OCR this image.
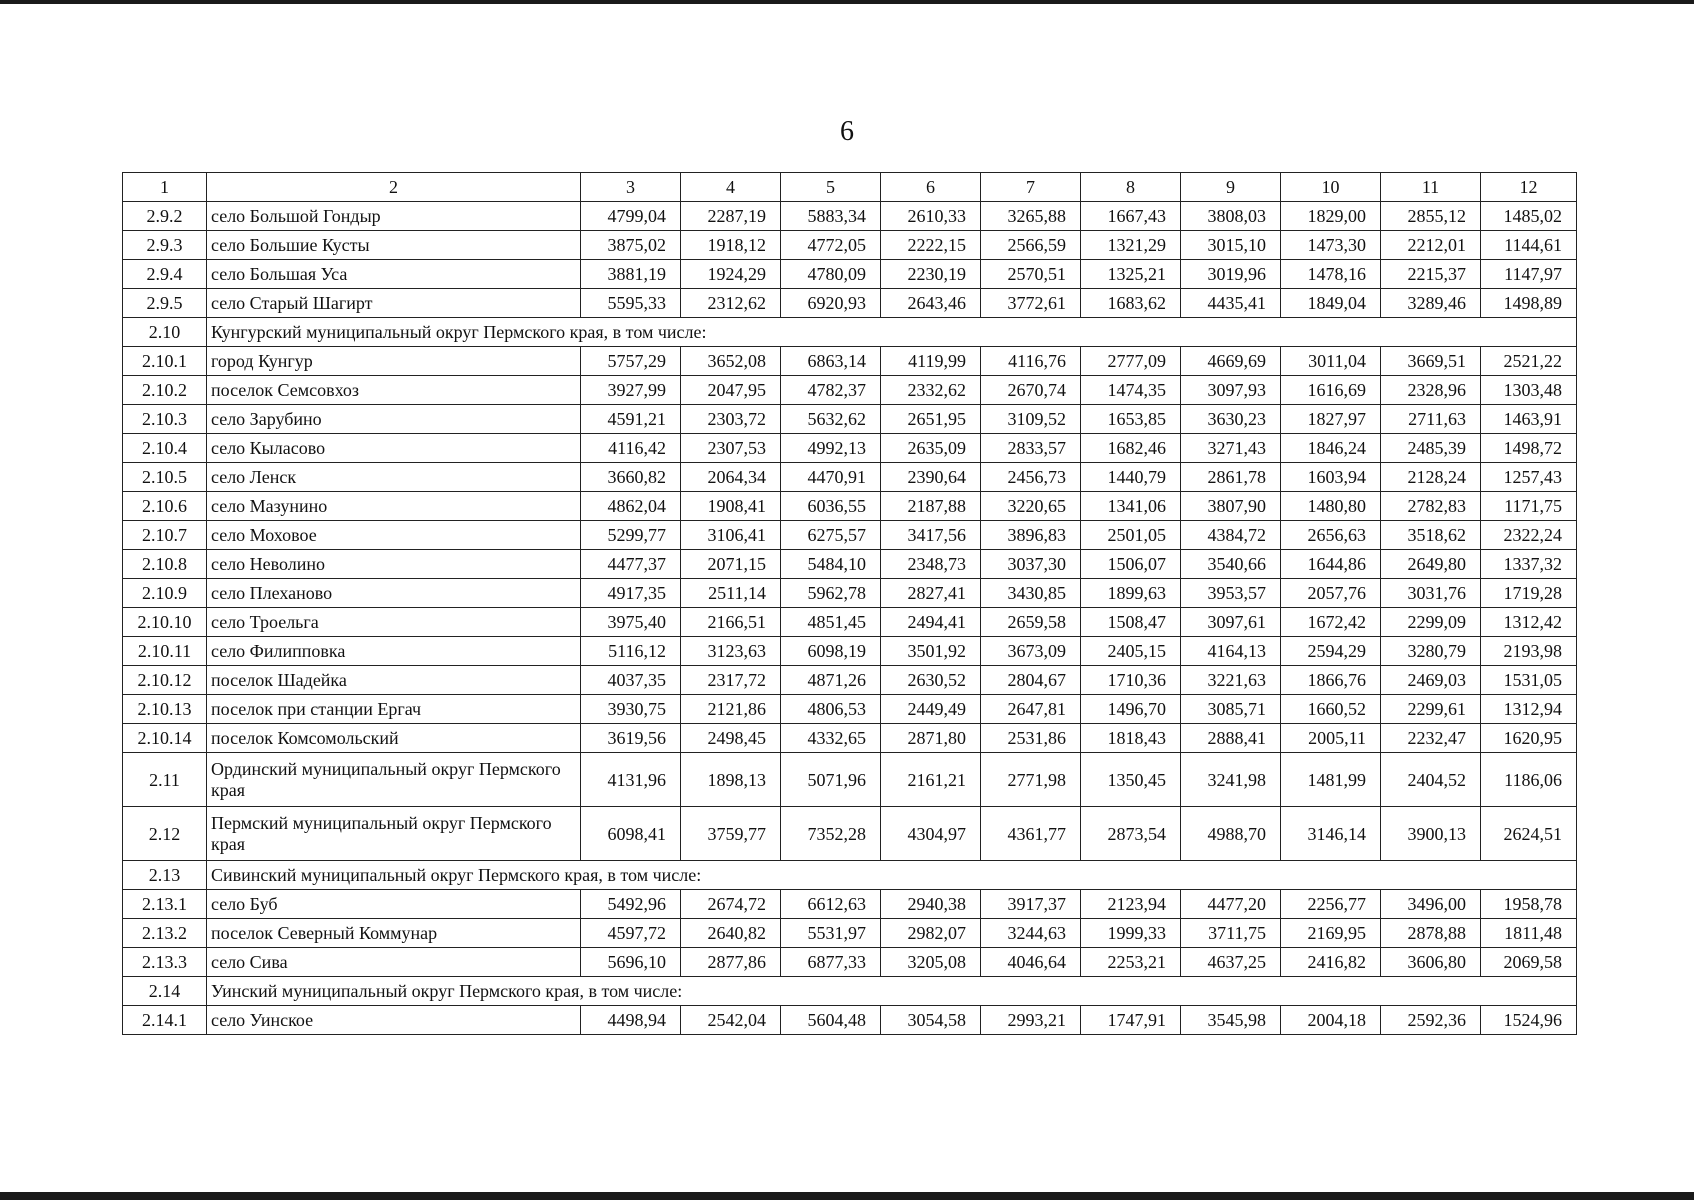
6
1	2	3	4	5	6	7	8	9	10	11	12
2.9.2	село Большой Гондыр	4799,04	2287,19	5883,34	2610,33	3265,88	1667,43	3808,03	1829,00	2855,12	1485,02
2.9.3	село Большие Кусты	3875,02	1918,12	4772,05	2222,15	2566,59	1321,29	3015,10	1473,30	2212,01	1144,61
2.9.4	село Большая Уса	3881,19	1924,29	4780,09	2230,19	2570,51	1325,21	3019,96	1478,16	2215,37	1147,97
2.9.5	село Старый Шагирт	5595,33	2312,62	6920,93	2643,46	3772,61	1683,62	4435,41	1849,04	3289,46	1498,89
2.10	Кунгурский муниципальный округ Пермского края, в том числе:										
2.10.1	город Кунгур	5757,29	3652,08	6863,14	4119,99	4116,76	2777,09	4669,69	3011,04	3669,51	2521,22
2.10.2	поселок Семсовхоз	3927,99	2047,95	4782,37	2332,62	2670,74	1474,35	3097,93	1616,69	2328,96	1303,48
2.10.3	село Зарубино	4591,21	2303,72	5632,62	2651,95	3109,52	1653,85	3630,23	1827,97	2711,63	1463,91
2.10.4	село Кыласово	4116,42	2307,53	4992,13	2635,09	2833,57	1682,46	3271,43	1846,24	2485,39	1498,72
2.10.5	село Ленск	3660,82	2064,34	4470,91	2390,64	2456,73	1440,79	2861,78	1603,94	2128,24	1257,43
2.10.6	село Мазунино	4862,04	1908,41	6036,55	2187,88	3220,65	1341,06	3807,90	1480,80	2782,83	1171,75
2.10.7	село Моховое	5299,77	3106,41	6275,57	3417,56	3896,83	2501,05	4384,72	2656,63	3518,62	2322,24
2.10.8	село Неволино	4477,37	2071,15	5484,10	2348,73	3037,30	1506,07	3540,66	1644,86	2649,80	1337,32
2.10.9	село Плеханово	4917,35	2511,14	5962,78	2827,41	3430,85	1899,63	3953,57	2057,76	3031,76	1719,28
2.10.10	село Троельга	3975,40	2166,51	4851,45	2494,41	2659,58	1508,47	3097,61	1672,42	2299,09	1312,42
2.10.11	село Филипповка	5116,12	3123,63	6098,19	3501,92	3673,09	2405,15	4164,13	2594,29	3280,79	2193,98
2.10.12	поселок Шадейка	4037,35	2317,72	4871,26	2630,52	2804,67	1710,36	3221,63	1866,76	2469,03	1531,05
2.10.13	поселок при станции Ергач	3930,75	2121,86	4806,53	2449,49	2647,81	1496,70	3085,71	1660,52	2299,61	1312,94
2.10.14	поселок Комсомольский	3619,56	2498,45	4332,65	2871,80	2531,86	1818,43	2888,41	2005,11	2232,47	1620,95
2.11	Ординский муниципальный округ Пермского края	4131,96	1898,13	5071,96	2161,21	2771,98	1350,45	3241,98	1481,99	2404,52	1186,06
2.12	Пермский муниципальный округ Пермского края	6098,41	3759,77	7352,28	4304,97	4361,77	2873,54	4988,70	3146,14	3900,13	2624,51
2.13	Сивинский муниципальный округ Пермского края, в том числе:										
2.13.1	село Буб	5492,96	2674,72	6612,63	2940,38	3917,37	2123,94	4477,20	2256,77	3496,00	1958,78
2.13.2	поселок Северный Коммунар	4597,72	2640,82	5531,97	2982,07	3244,63	1999,33	3711,75	2169,95	2878,88	1811,48
2.13.3	село Сива	5696,10	2877,86	6877,33	3205,08	4046,64	2253,21	4637,25	2416,82	3606,80	2069,58
2.14	Уинский муниципальный округ Пермского края, в том числе:										
2.14.1	село Уинское	4498,94	2542,04	5604,48	3054,58	2993,21	1747,91	3545,98	2004,18	2592,36	1524,96
